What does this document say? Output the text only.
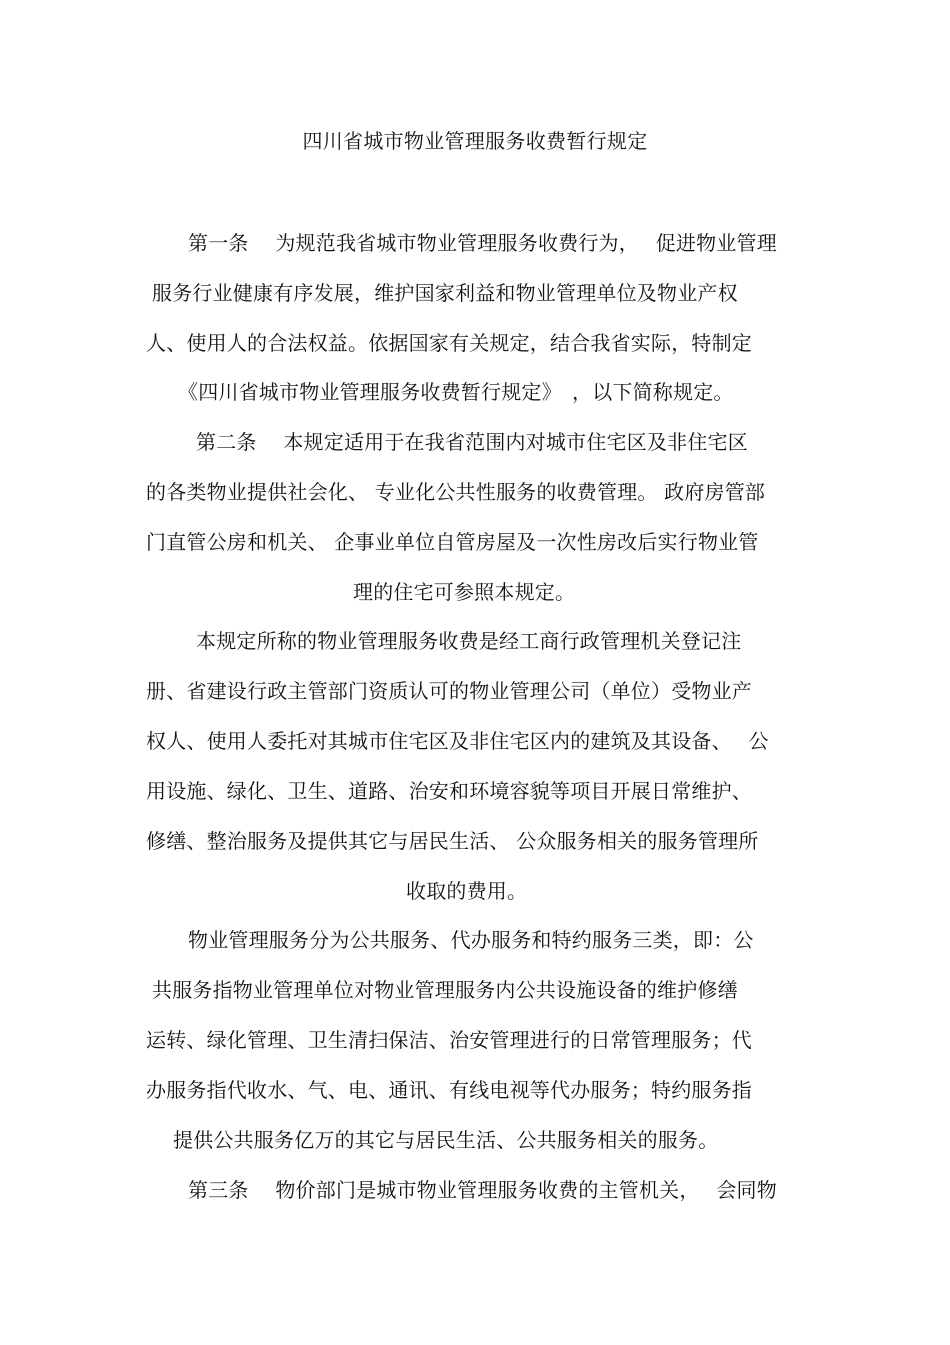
四川省城市物业管理服务收费暂行规定
第一条　 为规范我省城市物业管理服务收费行为，　 促进物业管理
服务行业健康有序发展，维护国家利益和物业管理单位及物业产权
人、使用人的合法权益。依据国家有关规定，结合我省实际，特制定
《四川省城市物业管理服务收费暂行规定》　，以下简称规定。
第二条　 本规定适用于在我省范围内对城市住宅区及非住宅区
的各类物业提供社会化、 专业化公共性服务的收费管理。 政府房管部
门直管公房和机关、 企事业单位自管房屋及一次性房改后实行物业管
理的住宅可参照本规定。
本规定所称的物业管理服务收费是经工商行政管理机关登记注
册、省建设行政主管部门资质认可的物业管理公司（单位）受物业产
权人、使用人委托对其城市住宅区及非住宅区内的建筑及其设备、　 公
用设施、绿化、卫生、道路、治安和环境容貌等项目开展日常维护、
修缮、整治服务及提供其它与居民生活、 公众服务相关的服务管理所
收取的费用。
物业管理服务分为公共服务、代办服务和特约服务三类，即：公
共服务指物业管理单位对物业管理服务内公共设施设备的维护修缮
运转、绿化管理、卫生清扫保洁、治安管理进行的日常管理服务；代
办服务指代收水、气、电、通讯、有线电视等代办服务；特约服务指
提供公共服务亿万的其它与居民生活、公共服务相关的服务。
第三条　 物价部门是城市物业管理服务收费的主管机关，　 会同物
